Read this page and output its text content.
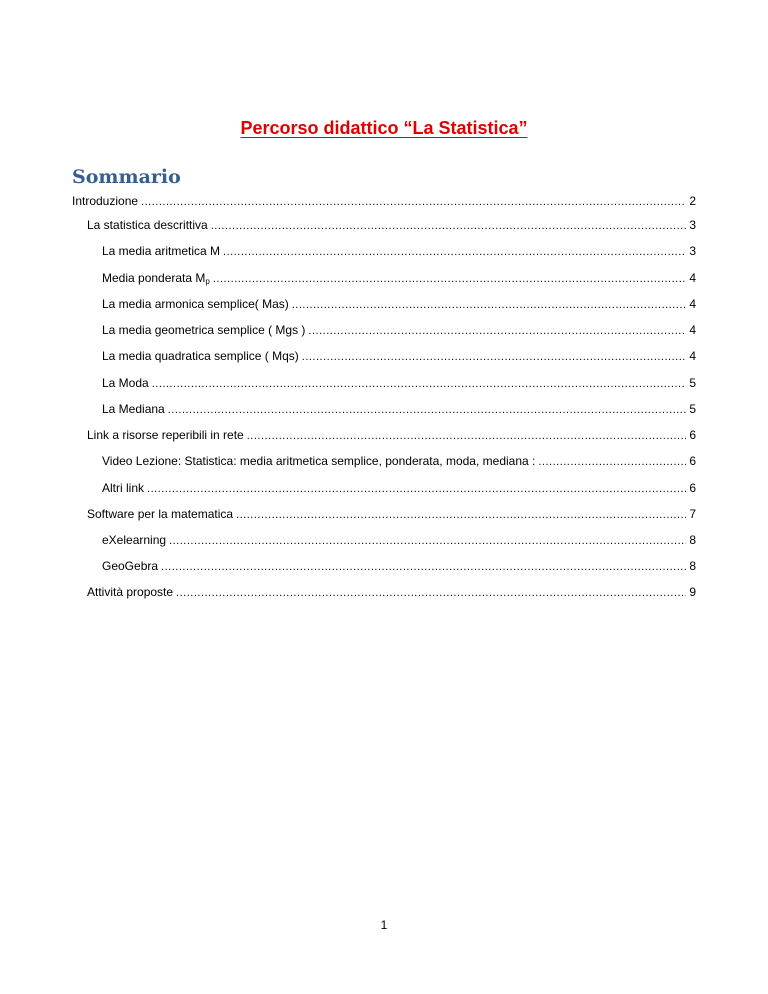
Percorso didattico “La Statistica”
Sommario
Introduzione .....	2
La statistica descrittiva .....	3
La media aritmetica M .....	3
Media ponderata Mp .....	4
La media armonica semplice( Mas) .....	4
La media geometrica semplice ( Mgs ) .....	4
La media quadratica semplice ( Mqs) .....	4
La Moda .....	5
La Mediana .....	5
Link a risorse reperibili in rete .....	6
Video Lezione: Statistica: media aritmetica semplice, ponderata, moda, mediana : .....	6
Altri link .....	6
Software per la matematica .....	7
eXelearning .....	8
GeoGebra .....	8
Attività proposte .....	9
1
